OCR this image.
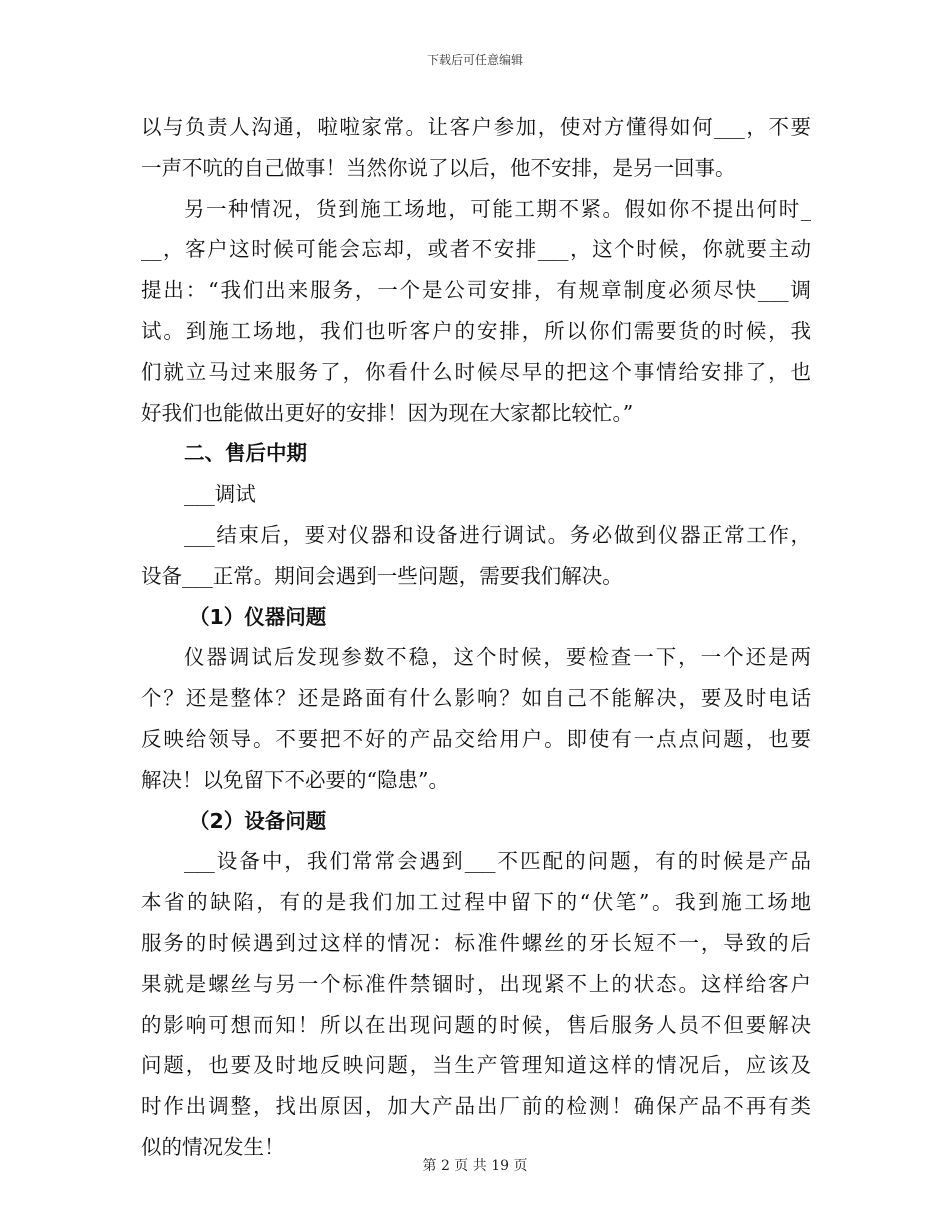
下载后可任意编辑
以与负责人沟通，啦啦家常。让客户参加，使对方懂得如何___，不要
一声不吭的自己做事！当然你说了以后，他不安排，是另一回事。
另一种情况，货到施工场地，可能工期不紧。假如你不提出何时_
__，客户这时候可能会忘却，或者不安排___，这个时候，你就要主动
提出：“我们出来服务，一个是公司安排，有规章制度必须尽快___调
试。到施工场地，我们也听客户的安排，所以你们需要货的时候，我
们就立马过来服务了，你看什么时候尽早的把这个事情给安排了，也
好我们也能做出更好的安排！因为现在大家都比较忙。”
二、售后中期
___调试
___结束后，要对仪器和设备进行调试。务必做到仪器正常工作，
设备___正常。期间会遇到一些问题，需要我们解决。
（1）仪器问题
仪器调试后发现参数不稳，这个时候，要检查一下，一个还是两
个？还是整体？还是路面有什么影响？如自己不能解决，要及时电话
反映给领导。不要把不好的产品交给用户。即使有一点点问题，也要
解决！以免留下不必要的“隐患”。
（2）设备问题
___设备中，我们常常会遇到___不匹配的问题，有的时候是产品
本省的缺陷，有的是我们加工过程中留下的“伏笔”。我到施工场地
服务的时候遇到过这样的情况：标准件螺丝的牙长短不一，导致的后
果就是螺丝与另一个标准件禁锢时，出现紧不上的状态。这样给客户
的影响可想而知！所以在出现问题的时候，售后服务人员不但要解决
问题，也要及时地反映问题，当生产管理知道这样的情况后，应该及
时作出调整，找出原因，加大产品出厂前的检测！确保产品不再有类
似的情况发生！
第 2 页 共 19 页
